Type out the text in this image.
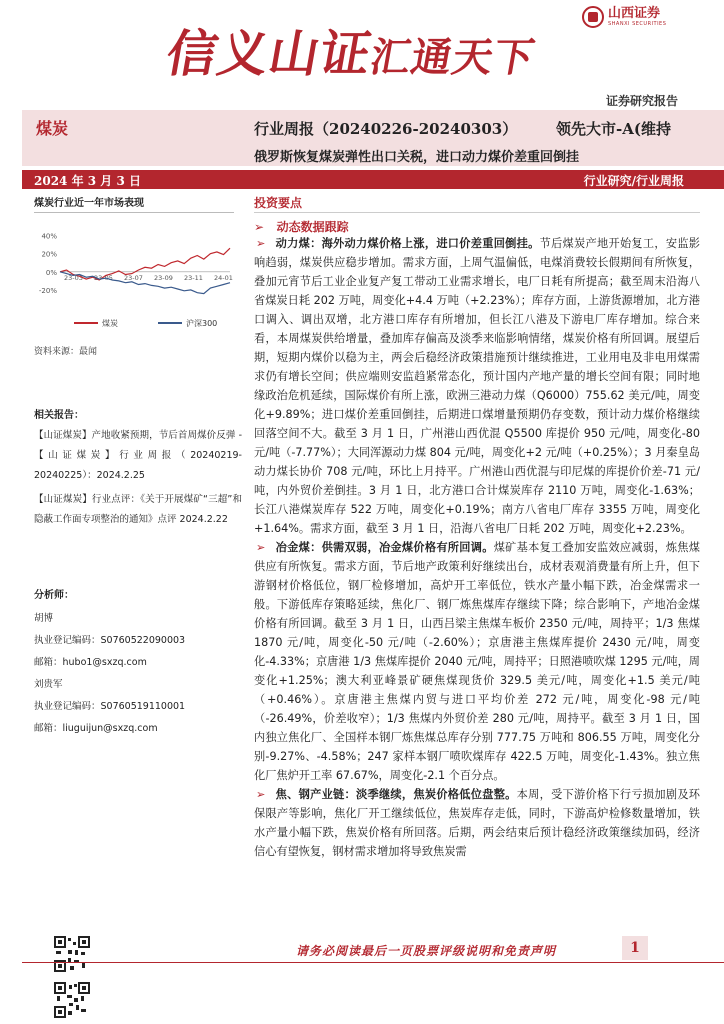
信义山证汇通天下
山西证券
SHANXI SECURITIES
证券研究报告
煤炭	行业周报（20240226-20240303）	领先大市-A(维持
俄罗斯恢复煤炭弹性出口关税，进口动力煤价差重回倒挂
2024 年 3 月 3 日	行业研究/行业周报
煤炭行业近一年市场表现
40%
20%
0%
-20%
23-03 23-05 23-07 23-09 23-11 24-01
煤炭	沪深300
资料来源：最闻
相关报告：

【山证煤炭】产地收紧预期，节后首周煤价反弹 -【山证煤炭】行业周报（20240219-20240225）：2024.2.25

【山证煤炭】行业点评：《关于开展煤矿“三超”和隐蔽工作面专项整治的通知》点评 2024.2.22

分析师：
胡博
执业登记编码：S0760522090003
邮箱：hubo1@sxzq.com
刘贵军
执业登记编码：S0760519110001
邮箱：liuguijun@sxzq.com
投资要点
➢   动态数据跟踪

➢ 动力煤：海外动力煤价格上涨，进口价差重回倒挂。节后煤炭产地开始复工，安监影响趋弱，煤炭供应稳步增加。需求方面，上周气温偏低，电煤消费较长假期间有所恢复，叠加元宵节后工业企业复产复工带动工业需求增长，电厂日耗有所提高；截至周末沿海八省煤炭日耗 202 万吨，周变化+4.4 万吨（+2.23%）；库存方面，上游货源增加，北方港口调入、调出双增，北方港口库存有所增加，但长江八港及下游电厂库存增加。综合来看，本周煤炭供给增量，叠加库存偏高及淡季来临影响情绪，煤炭价格有所回调。展望后期，短期内煤价以稳为主，两会后稳经济政策措施预计继续推进，工业用电及非电用煤需求仍有增长空间；供应端则安监趋紧常态化，预计国内产地产量的增长空间有限；同时地缘政治危机延续，国际煤价有所上涨，欧洲三港动力煤（Q6000）755.62 美元/吨，周变化+9.89%；进口煤价差重回倒挂，后期进口煤增量预期仍存变数，预计动力煤价格继续回落空间不大。截至 3 月 1 日，广州港山西优混 Q5500 库提价 950 元/吨，周变化-80 元/吨（-7.77%）；大同浑源动力煤 804 元/吨，周变化+2 元/吨（+0.25%）；3 月秦皇岛动力煤长协价 708 元/吨，环比上月持平。广州港山西优混与印尼煤的库提价价差-71 元/吨，内外贸价差倒挂。3 月 1 日，北方港口合计煤炭库存 2110 万吨，周变化-1.63%；长江八港煤炭库存 522 万吨，周变化+0.19%；南方八省电厂库存 3355 万吨，周变化+1.64%。需求方面，截至 3 月 1 日，沿海八省电厂日耗 202 万吨，周变化+2.23%。

➢ 冶金煤：供需双弱，冶金煤价格有所回调。煤矿基本复工叠加安监效应减弱，炼焦煤供应有所恢复。需求方面，节后地产政策利好继续出台，成材表观消费量有所上升，但下游钢材价格低位，钢厂检修增加，高炉开工率低位，铁水产量小幅下跌，冶金煤需求一般。下游低库存策略延续，焦化厂、钢厂炼焦煤库存继续下降；综合影响下，产地冶金煤价格有所回调。截至 3 月 1 日，山西吕梁主焦煤车板价 2350 元/吨，周持平；1/3 焦煤 1870 元/吨，周变化-50 元/吨（-2.60%）；京唐港主焦煤库提价 2430 元/吨，周变化-4.33%；京唐港 1/3 焦煤库提价 2040 元/吨，周持平；日照港喷吹煤 1295 元/吨，周变化+1.25%；澳大利亚峰景矿硬焦煤现货价 329.5 美元/吨，周变化+1.5 美元/吨（+0.46%）。京唐港主焦煤内贸与进口平均价差 272 元/吨，周变化-98 元/吨（-26.49%，价差收窄）；1/3 焦煤内外贸价差 280 元/吨，周持平。截至 3 月 1 日，国内独立焦化厂、全国样本钢厂炼焦煤总库存分别 777.75 万吨和 806.55 万吨，周变化分别-9.27%、-4.58%；247 家样本钢厂喷吹煤库存 422.5 万吨，周变化-1.43%。独立焦化厂焦炉开工率 67.67%，周变化-2.1 个百分点。

➢ 焦、钢产业链：淡季继续，焦炭价格低位盘整。本周，受下游价格下行亏损加剧及环保限产等影响，焦化厂开工继续低位，焦炭库存走低，同时，下游高炉检修数量增加，铁水产量小幅下跌，焦炭价格有所回落。后期，两会结束后预计稳经济政策继续加码，经济信心有望恢复，钢材需求增加将导致焦炭需

请务必阅读最后一页股票评级说明和免责声明	1
